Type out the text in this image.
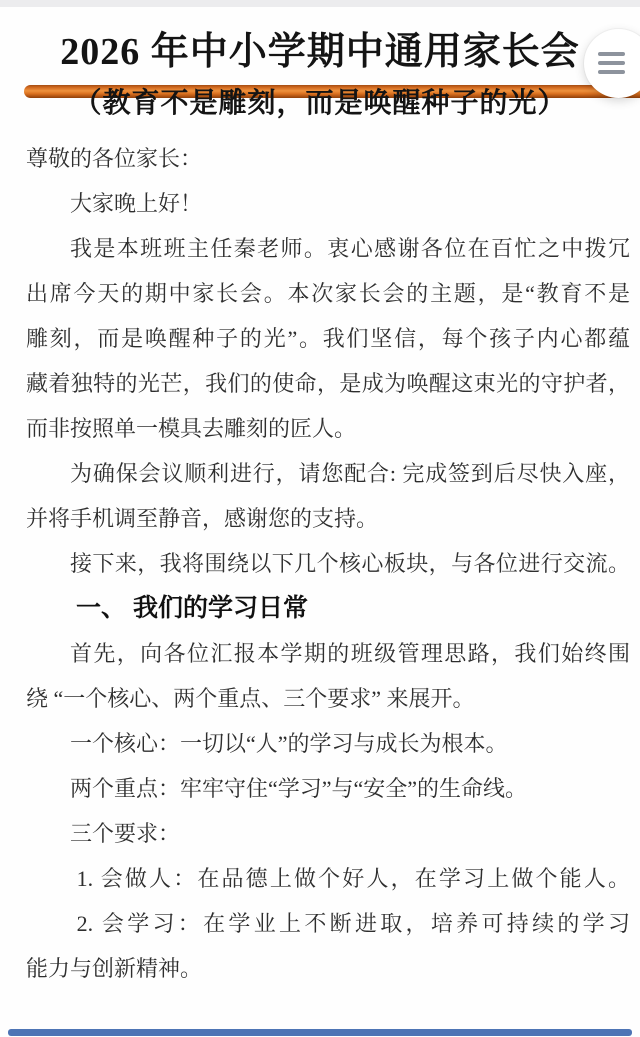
2026 年中小学期中通用家长会
（教育不是雕刻，而是唤醒种子的光）
尊敬的各位家长：
大家晚上好！
我是本班班主任秦老师。衷心感谢各位在百忙之中拨冗
出席今天的期中家长会。本次家长会的主题，是“教育不是
雕刻，而是唤醒种子的光”。我们坚信，每个孩子内心都蕴
藏着独特的光芒，我们的使命，是成为唤醒这束光的守护者，
而非按照单一模具去雕刻的匠人。
为确保会议顺利进行，请您配合: 完成签到后尽快入座，
并将手机调至静音，感谢您的支持。
接下来，我将围绕以下几个核心板块，与各位进行交流。
一、 我们的学习日常
首先，向各位汇报本学期的班级管理思路，我们始终围
绕 “一个核心、两个重点、三个要求” 来展开。
一个核心：一切以“人”的学习与成长为根本。
两个重点：牢牢守住“学习”与“安全”的生命线。
三个要求：
1. 会做人：在品德上做个好人，在学习上做个能人。
2. 会学习：在学业上不断进取，培养可持续的学习
能力与创新精神。
